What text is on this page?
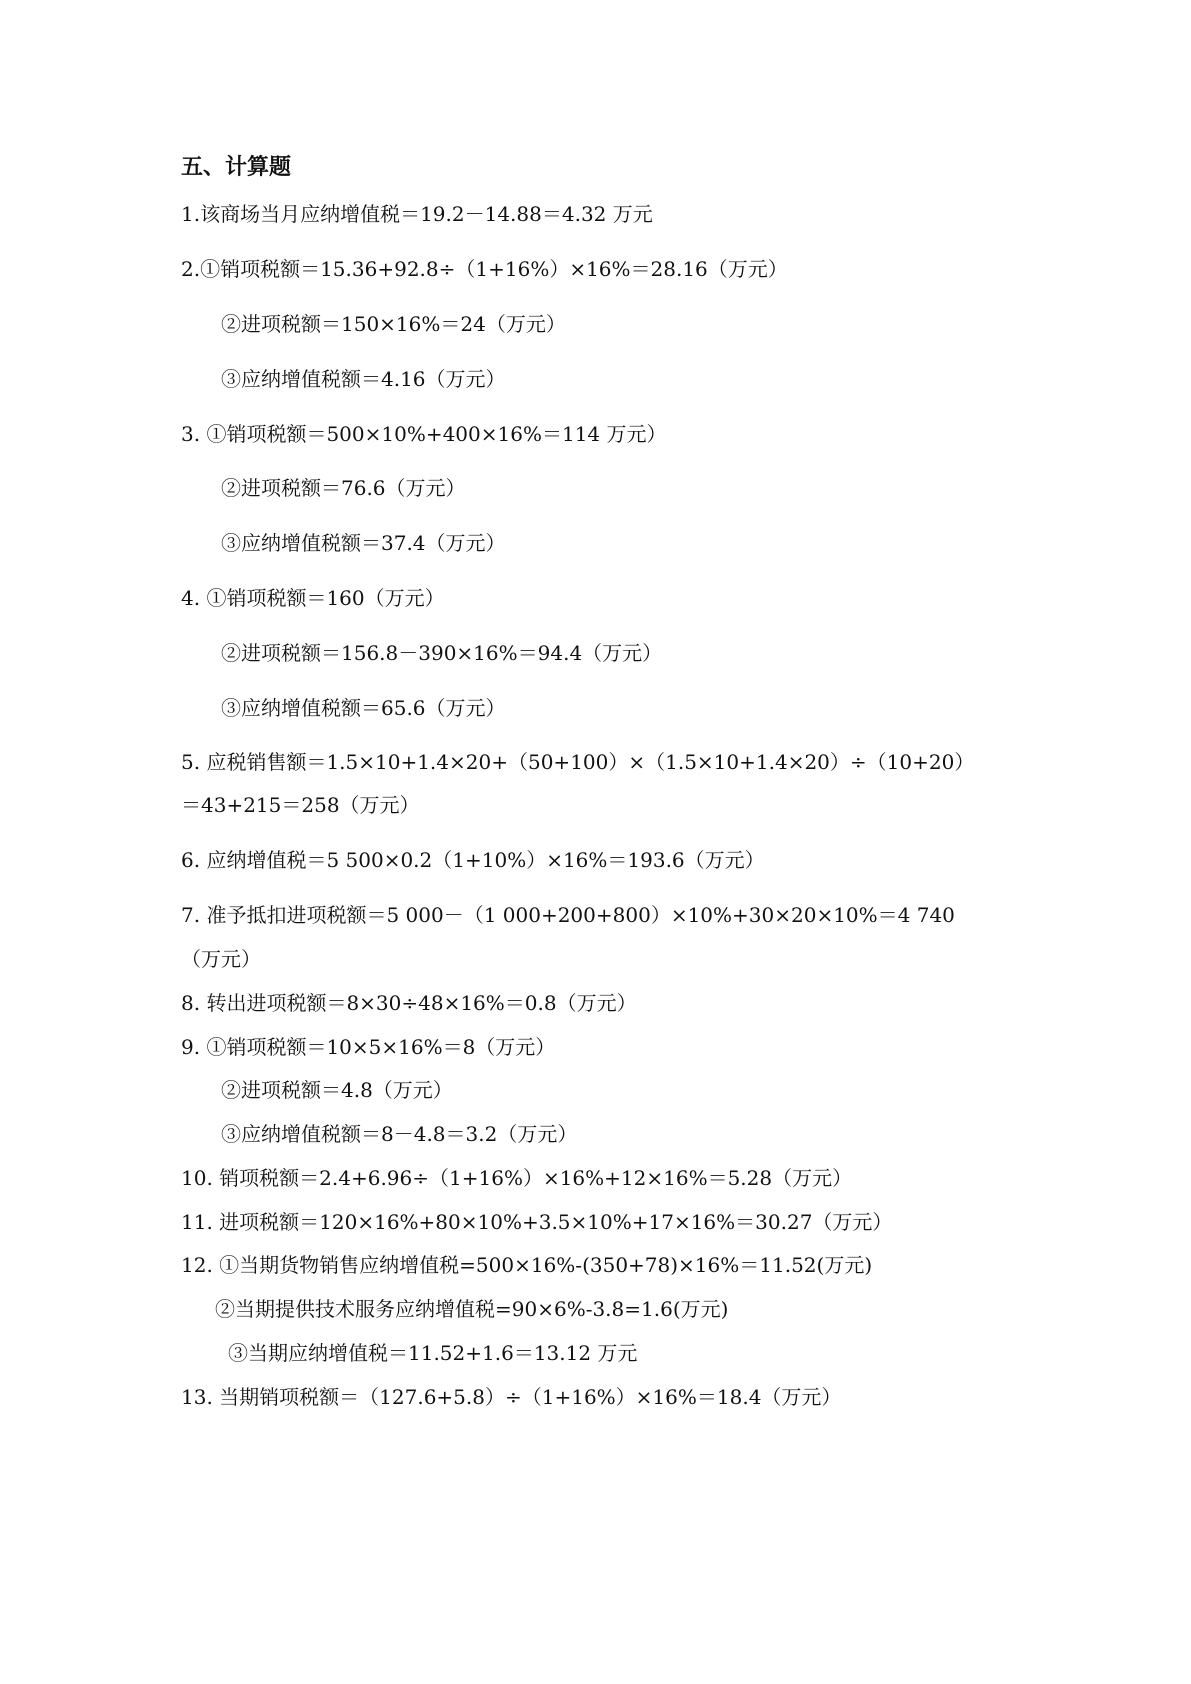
五、计算题
1.该商场当月应纳增值税＝19.2－14.88＝4.32 万元
2.①销项税额＝15.36+92.8÷（1+16%）×16%＝28.16（万元）
②进项税额＝150×16%＝24（万元）
③应纳增值税额＝4.16（万元）
3. ①销项税额＝500×10%+400×16%＝114 万元）
②进项税额＝76.6（万元）
③应纳增值税额＝37.4（万元）
4. ①销项税额＝160（万元）
②进项税额＝156.8－390×16%＝94.4（万元）
③应纳增值税额＝65.6（万元）
5. 应税销售额＝1.5×10+1.4×20+（50+100）×（1.5×10+1.4×20）÷（10+20）
＝43+215＝258（万元）
6. 应纳增值税＝5 500×0.2（1+10%）×16%＝193.6（万元）
7. 准予抵扣进项税额＝5 000－（1 000+200+800）×10%+30×20×10%＝4 740
（万元）
8. 转出进项税额＝8×30÷48×16%＝0.8（万元）
9. ①销项税额＝10×5×16%＝8（万元）
②进项税额＝4.8（万元）
③应纳增值税额＝8－4.8＝3.2（万元）
10. 销项税额＝2.4+6.96÷（1+16%）×16%+12×16%＝5.28（万元）
11. 进项税额＝120×16%+80×10%+3.5×10%+17×16%＝30.27（万元）
12. ①当期货物销售应纳增值税=500×16%-(350+78)×16%＝11.52(万元)
②当期提供技术服务应纳增值税=90×6%-3.8=1.6(万元)
③当期应纳增值税＝11.52+1.6＝13.12 万元
13. 当期销项税额＝（127.6+5.8）÷（1+16%）×16%＝18.4（万元）
